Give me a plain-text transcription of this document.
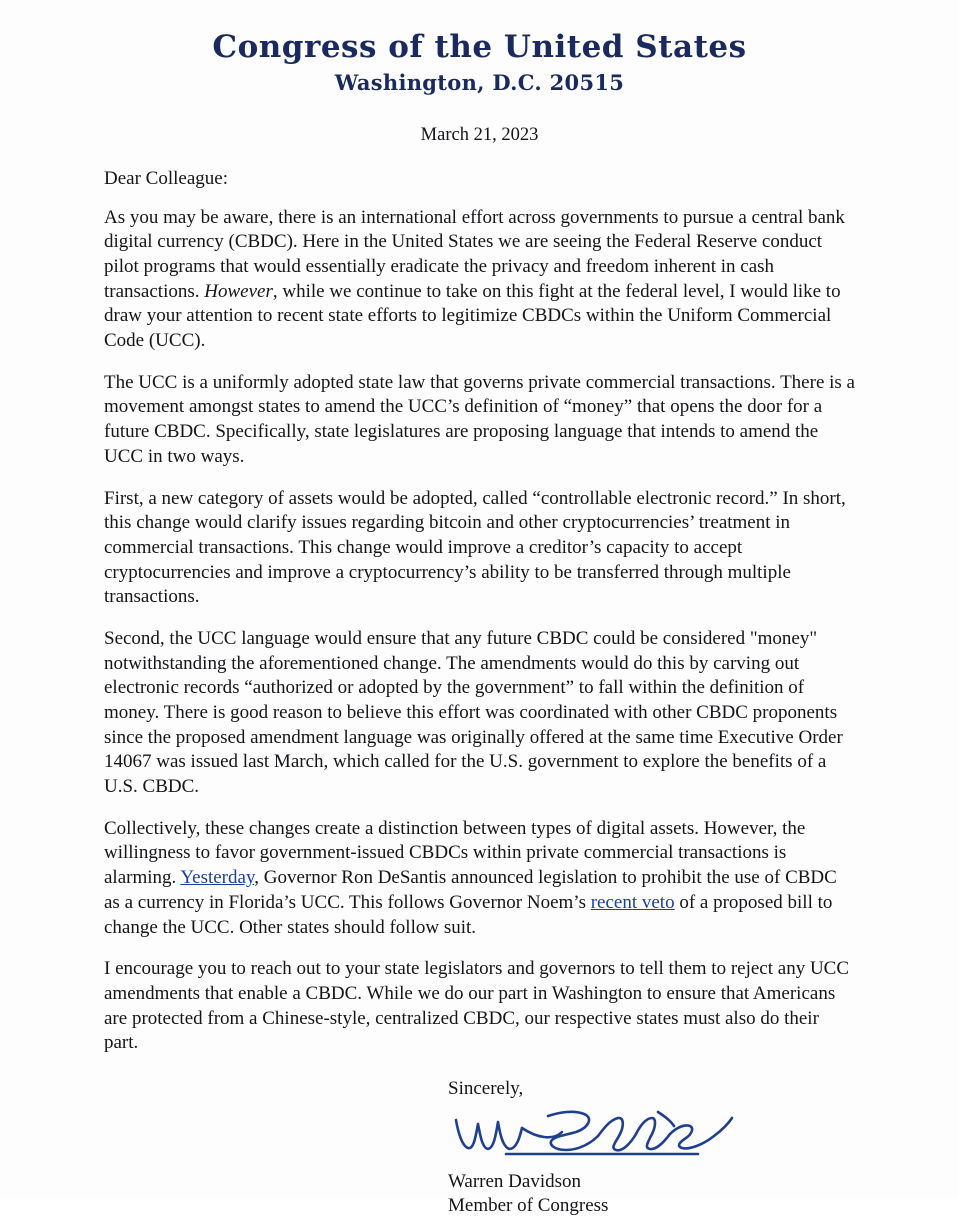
Congress of the United States
Washington, D.C. 20515
March 21, 2023
Dear Colleague:

As you may be aware, there is an international effort across governments to pursue a central bank digital currency (CBDC). Here in the United States we are seeing the Federal Reserve conduct pilot programs that would essentially eradicate the privacy and freedom inherent in cash transactions. However, while we continue to take on this fight at the federal level, I would like to draw your attention to recent state efforts to legitimize CBDCs within the Uniform Commercial Code (UCC).

The UCC is a uniformly adopted state law that governs private commercial transactions. There is a movement amongst states to amend the UCC’s definition of “money” that opens the door for a future CBDC. Specifically, state legislatures are proposing language that intends to amend the UCC in two ways.

First, a new category of assets would be adopted, called “controllable electronic record.” In short, this change would clarify issues regarding bitcoin and other cryptocurrencies’ treatment in commercial transactions. This change would improve a creditor’s capacity to accept cryptocurrencies and improve a cryptocurrency’s ability to be transferred through multiple transactions.

Second, the UCC language would ensure that any future CBDC could be considered "money" notwithstanding the aforementioned change. The amendments would do this by carving out electronic records “authorized or adopted by the government” to fall within the definition of money. There is good reason to believe this effort was coordinated with other CBDC proponents since the proposed amendment language was originally offered at the same time Executive Order 14067 was issued last March, which called for the U.S. government to explore the benefits of a U.S. CBDC.

Collectively, these changes create a distinction between types of digital assets. However, the willingness to favor government-issued CBDCs within private commercial transactions is alarming. Yesterday, Governor Ron DeSantis announced legislation to prohibit the use of CBDC as a currency in Florida’s UCC. This follows Governor Noem’s recent veto of a proposed bill to change the UCC. Other states should follow suit.

I encourage you to reach out to your state legislators and governors to tell them to reject any UCC amendments that enable a CBDC. While we do our part in Washington to ensure that Americans are protected from a Chinese-style, centralized CBDC, our respective states must also do their part.

Sincerely,
Warren Davidson
Member of Congress
